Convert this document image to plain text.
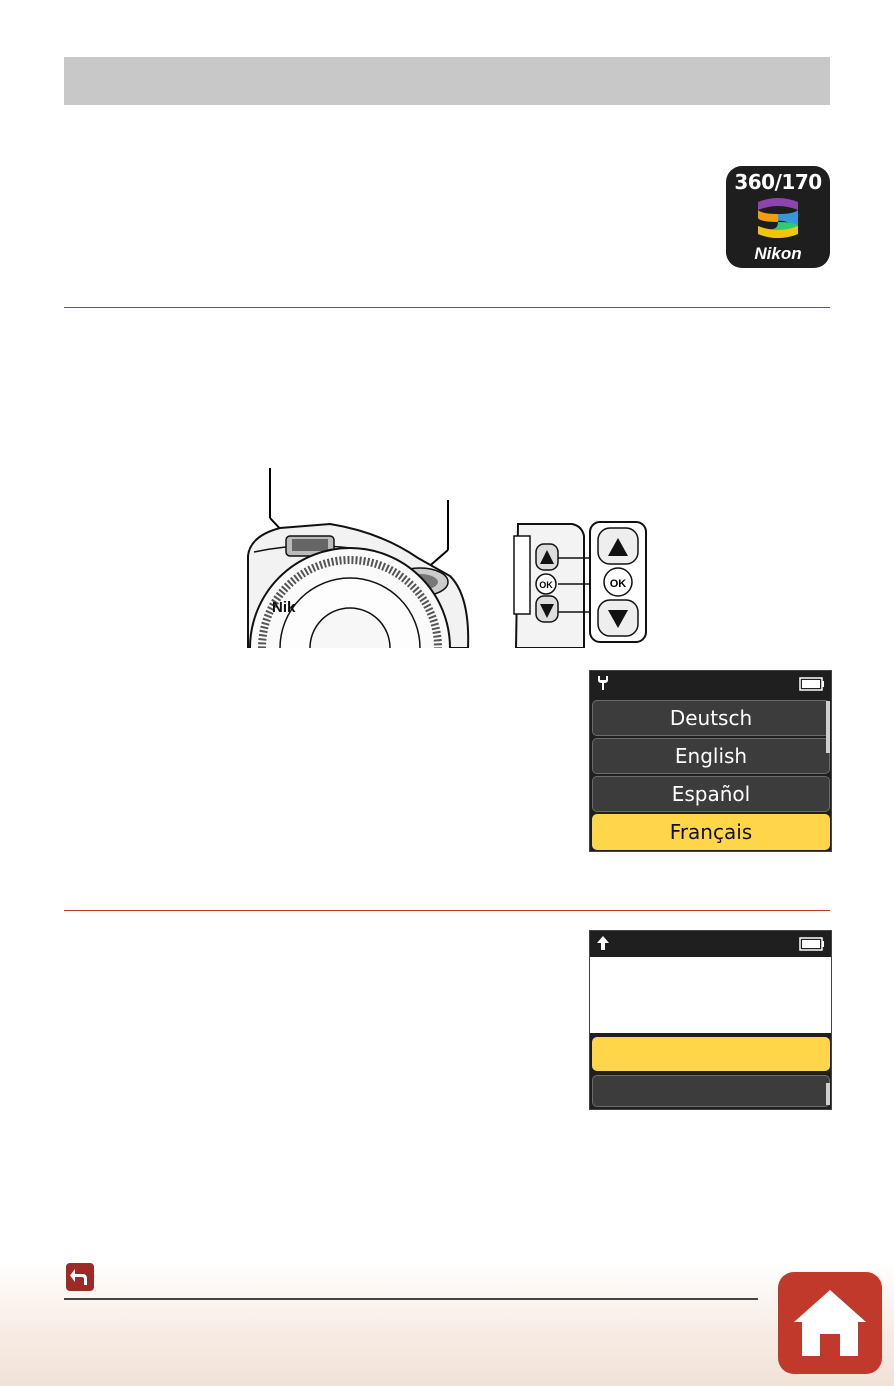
360/170
Nikon
Nik
OK	OK
Deutsch
English
Español
Français
